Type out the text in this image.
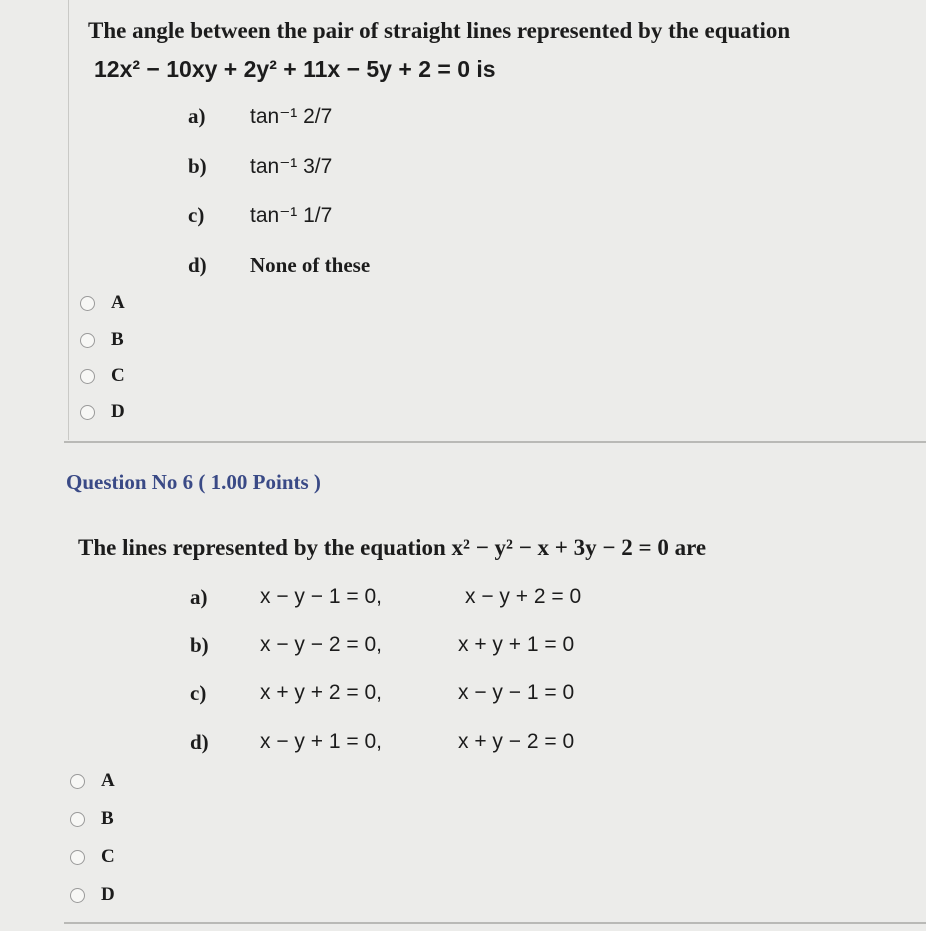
The angle between the pair of straight lines represented by the equation
12x² − 10xy + 2y² + 11x − 5y + 2 = 0 is
a) tan⁻¹ 2/7
b) tan⁻¹ 3/7
c) tan⁻¹ 1/7
d) None of these
A
B
C
D
Question No 6 ( 1.00 Points )
The lines represented by the equation x² − y² − x + 3y − 2 = 0 are
a)	x − y − 1 = 0,	x − y + 2 = 0
b) x − y − 2 = 0,	x + y + 1 = 0
c)	x + y + 2 = 0,	x − y − 1 = 0
d) x − y + 1 = 0,	x + y − 2 = 0
A
B
C
D
